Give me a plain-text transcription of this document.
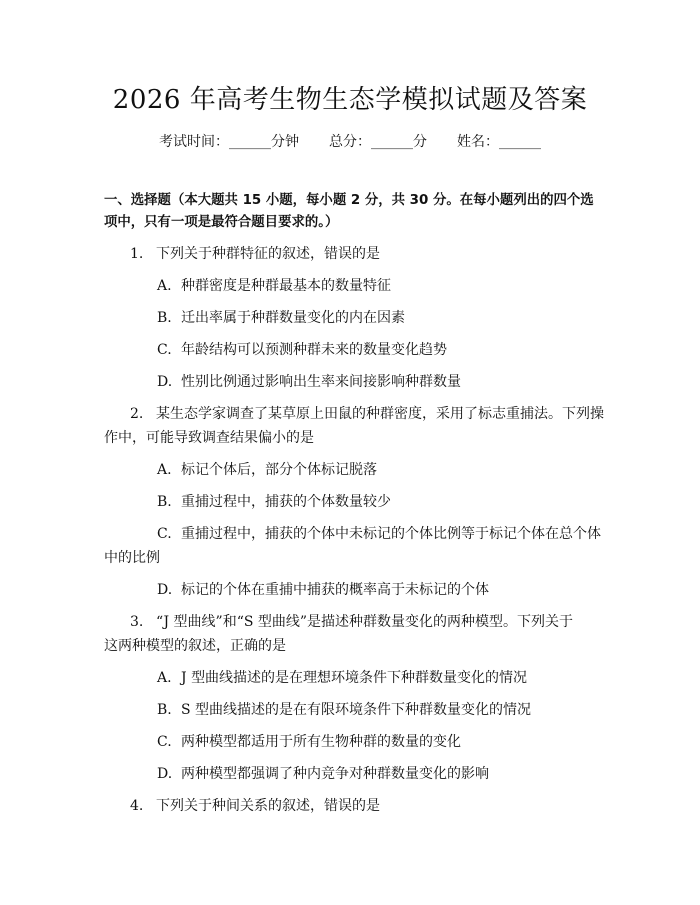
2026 年高考生物生态学模拟试题及答案
考试时间：______分钟 总分：______分 姓名：______
一、选择题（本大题共 15 小题，每小题 2 分，共 30 分。在每小题列出的四个选
项中，只有一项是最符合题目要求的。）
1. 下列关于种群特征的叙述，错误的是
A. 种群密度是种群最基本的数量特征
B. 迁出率属于种群数量变化的内在因素
C. 年龄结构可以预测种群未来的数量变化趋势
D. 性别比例通过影响出生率来间接影响种群数量
2. 某生态学家调查了某草原上田鼠的种群密度，采用了标志重捕法。下列操
作中，可能导致调查结果偏小的是
A. 标记个体后，部分个体标记脱落
B. 重捕过程中，捕获的个体数量较少
C. 重捕过程中，捕获的个体中未标记的个体比例等于标记个体在总个体
中的比例
D. 标记的个体在重捕中捕获的概率高于未标记的个体
3. “J 型曲线”和“S 型曲线”是描述种群数量变化的两种模型。下列关于
这两种模型的叙述，正确的是
A. J 型曲线描述的是在理想环境条件下种群数量变化的情况
B. S 型曲线描述的是在有限环境条件下种群数量变化的情况
C. 两种模型都适用于所有生物种群的数量的变化
D. 两种模型都强调了种内竞争对种群数量变化的影响
4. 下列关于种间关系的叙述，错误的是
